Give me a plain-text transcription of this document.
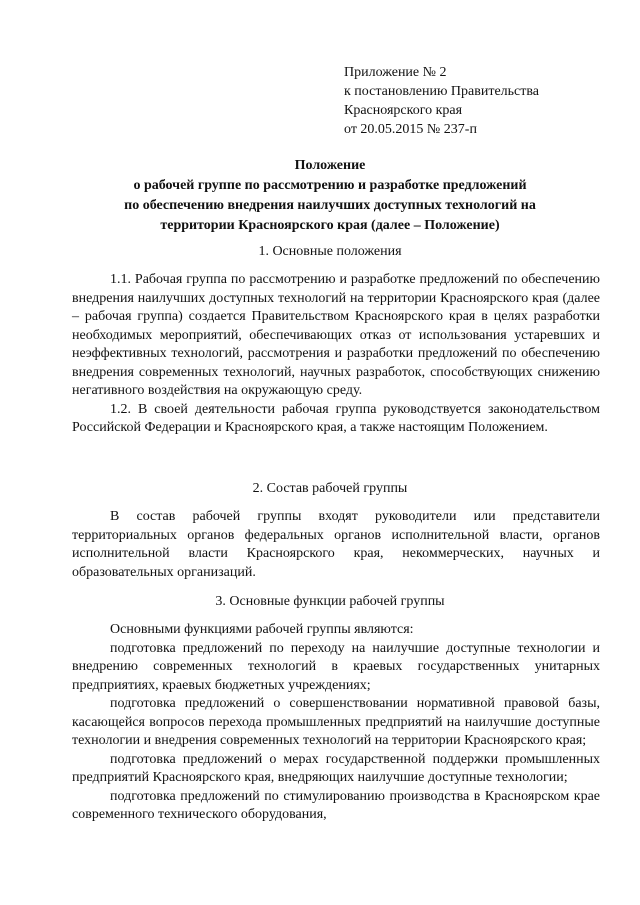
Приложение № 2
к постановлению Правительства
Красноярского края
от 20.05.2015 № 237-п
Положение
о рабочей группе по рассмотрению и разработке предложений
по обеспечению внедрения наилучших доступных технологий на
территории Красноярского края (далее – Положение)
1. Основные положения

1.1. Рабочая группа по рассмотрению и разработке предложений по обеспечению внедрения наилучших доступных технологий на территории Красноярского края (далее – рабочая группа) создается Правительством Красноярского края в целях разработки необходимых мероприятий, обеспечивающих отказ от использования устаревших и неэффективных технологий, рассмотрения и разработки предложений по обеспечению внедрения современных технологий, научных разработок, способствующих снижению негативного воздействия на окружающую среду.

1.2. В своей деятельности рабочая группа руководствуется законодательством Российской Федерации и Красноярского края, а также настоящим Положением.

2. Состав рабочей группы

В состав рабочей группы входят руководители или представители территориальных органов федеральных органов исполнительной власти, органов исполнительной власти Красноярского края, некоммерческих, научных и образовательных организаций.

3. Основные функции рабочей группы

Основными функциями рабочей группы являются:

подготовка предложений по переходу на наилучшие доступные технологии и внедрению современных технологий в краевых государственных унитарных предприятиях, краевых бюджетных учреждениях;

подготовка предложений о совершенствовании нормативной правовой базы, касающейся вопросов перехода промышленных предприятий на наилучшие доступные технологии и внедрения современных технологий на территории Красноярского края;

подготовка предложений о мерах государственной поддержки промышленных предприятий Красноярского края, внедряющих наилучшие доступные технологии;

подготовка предложений по стимулированию производства в Красноярском крае современного технического оборудования,
